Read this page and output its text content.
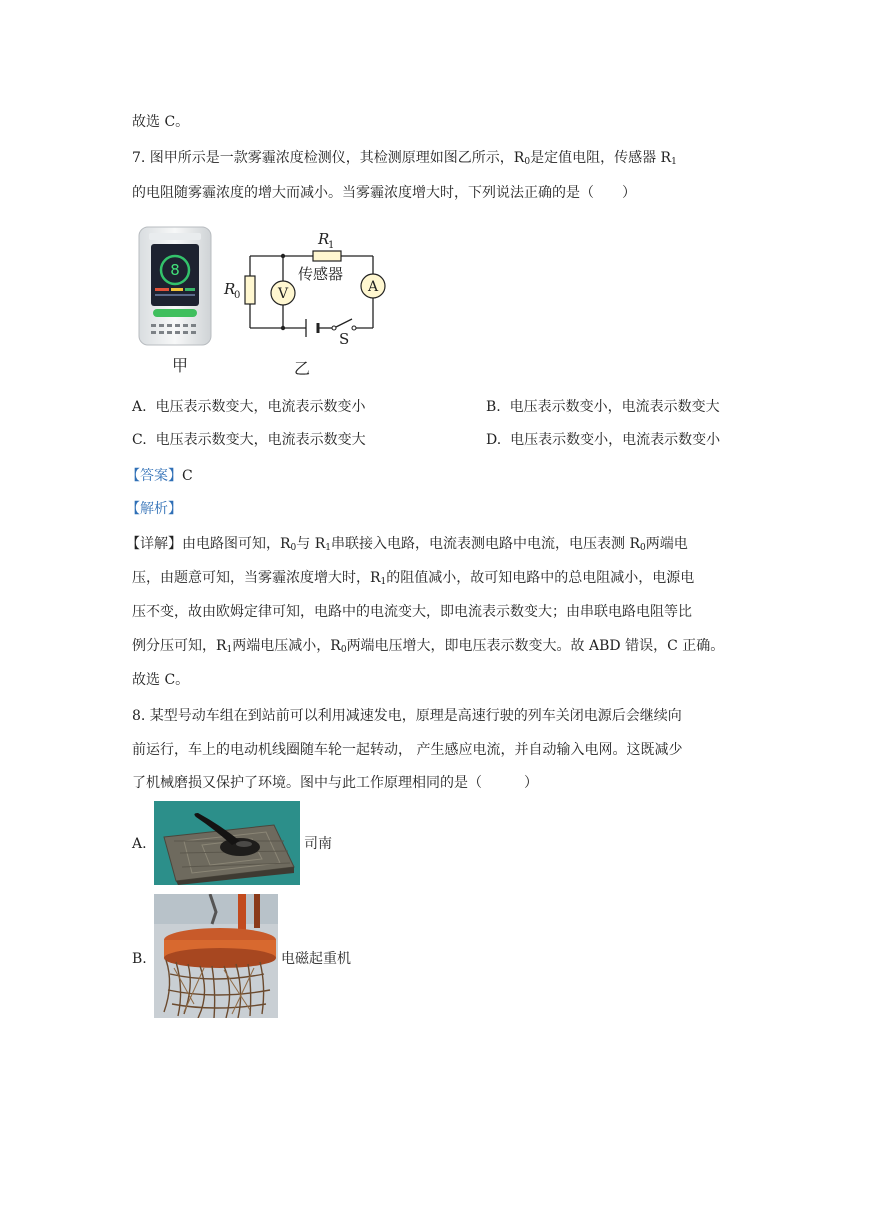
故选 C。
7. 图甲所示是一款雾霾浓度检测仪，其检测原理如图乙所示，$R_0$是定值电阻，传感器 $R_1$
的电阻随雾霾浓度的增大而减小。当雾霾浓度增大时，下列说法正确的是（　　）
8
甲
V	A
R
1
传感器
R
0
S
乙
A. 电压表示数变大，电流表示数变小	B. 电压表示数变小，电流表示数变大
C. 电压表示数变大，电流表示数变大	D. 电压表示数变小，电流表示数变小
【答案】C
【解析】
【详解】由电路图可知，$R_0$与 $R_1$串联接入电路，电流表测电路中电流，电压表测 $R_0$两端电
压，由题意可知，当雾霾浓度增大时，$R_1$的阻值减小，故可知电路中的总电阻减小，电源电
压不变，故由欧姆定律可知，电路中的电流变大，即电流表示数变大；由串联电路电阻等比
例分压可知，$R_1$两端电压减小，$R_0$两端电压增大，即电压表示数变大。故 ABD 错误，C 正确。
故选 C。
8. 某型号动车组在到站前可以利用减速发电，原理是高速行驶的列车关闭电源后会继续向
前运行，车上的电动机线圈随车轮一起转动， 产生感应电流，并自动输入电网。这既减少
了机械磨损又保护了环境。图中与此工作原理相同的是（　　　）
A.	司南
B.	电磁起重机
